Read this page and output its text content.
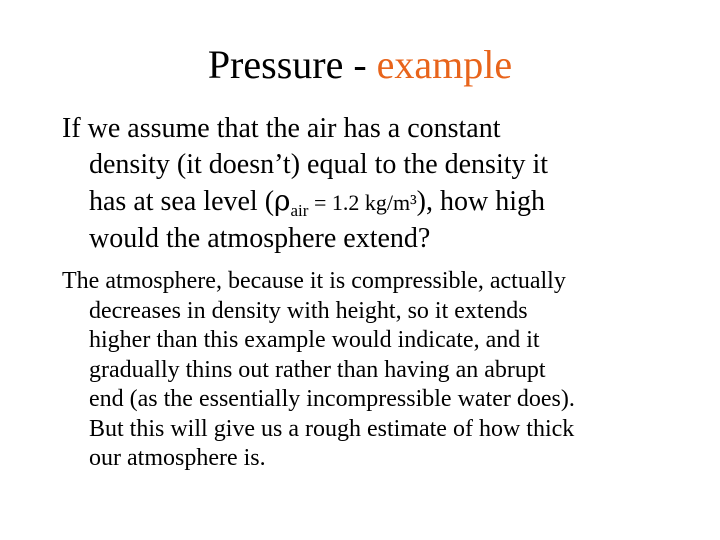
Pressure - example

If we assume that the air has a constant
density (it doesn’t) equal to the density it
has at sea level ($\rho_{air} = 1.2$ kg/m³), how high
would the atmosphere extend?

The atmosphere, because it is compressible, actually
decreases in density with height, so it extends
higher than this example would indicate, and it
gradually thins out rather than having an abrupt
end (as the essentially incompressible water does).
But this will give us a rough estimate of how thick
our atmosphere is.
